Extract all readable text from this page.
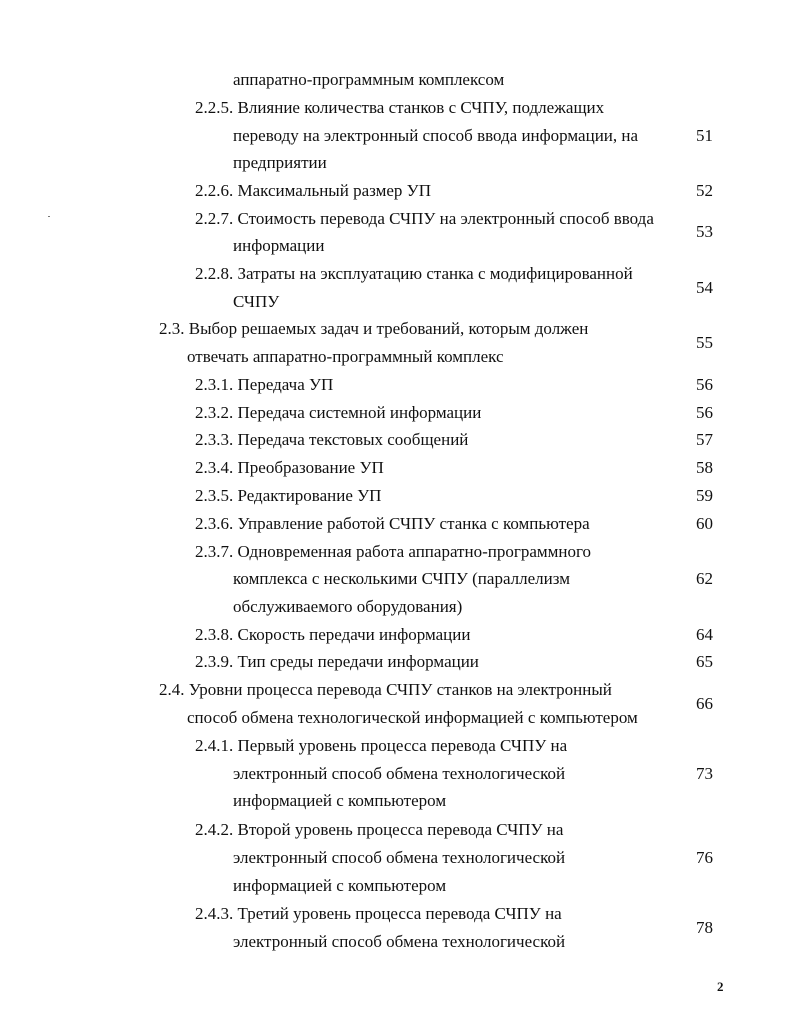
аппаратно-программным комплексом
2.2.5. Влияние количества станков с СЧПУ, подлежащих
переводу на электронный способ ввода информации, на
предприятии
2.2.6. Максимальный размер УП
2.2.7. Стоимость перевода СЧПУ на электронный способ ввода
информации
2.2.8. Затраты на эксплуатацию станка с модифицированной
СЧПУ
2.3. Выбор решаемых задач и требований, которым должен
отвечать аппаратно-программный комплекс
2.3.1. Передача УП
2.3.2. Передача системной информации
2.3.3. Передача текстовых сообщений
2.3.4. Преобразование УП
2.3.5. Редактирование УП
2.3.6. Управление работой СЧПУ станка с компьютера
2.3.7. Одновременная работа аппаратно-программного
комплекса с несколькими СЧПУ (параллелизм
обслуживаемого оборудования)
2.3.8. Скорость передачи информации
2.3.9. Тип среды передачи информации
2.4. Уровни процесса перевода СЧПУ станков на электронный
способ обмена технологической информацией с компьютером
2.4.1. Первый уровень процесса перевода СЧПУ на
электронный способ обмена технологической
информацией с компьютером
2.4.2. Второй уровень процесса перевода СЧПУ на
электронный способ обмена технологической
информацией с компьютером
2.4.3. Третий уровень процесса перевода СЧПУ на
электронный способ обмена технологической
51
52
53
54
55
56
56
57
58
59
60
62
64
65
66
73
76
78
2
